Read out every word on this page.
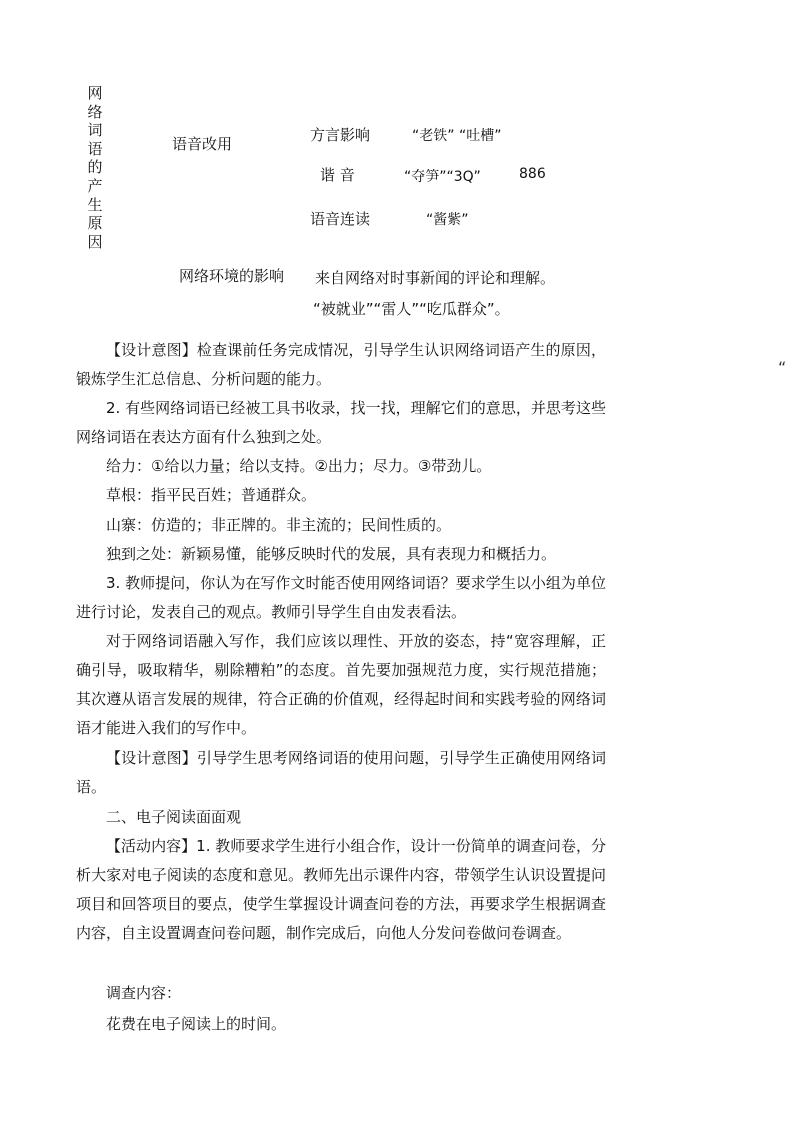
网络词语的产生原因
语音改用	方言影响	“老铁” “吐槽”
谐 音	“夺笋”“3Q”	886
语音连读	“酱紫”
网络环境的影响 来自网络对时事新闻的评论和理解。
“被就业”“雷人”“吃瓜群众”。
“

【设计意图】检查课前任务完成情况，引导学生认识网络词语产生的原因，锻炼学生汇总信息、分析问题的能力。

2. 有些网络词语已经被工具书收录，找一找，理解它们的意思，并思考这些网络词语在表达方面有什么独到之处。

给力：①给以力量；给以支持。②出力；尽力。③带劲儿。
草根：指平民百姓；普通群众。
山寨：仿造的；非正牌的。非主流的；民间性质的。
独到之处：新颖易懂，能够反映时代的发展，具有表现力和概括力。

3. 教师提问，你认为在写作文时能否使用网络词语？要求学生以小组为单位进行讨论，发表自己的观点。教师引导学生自由发表看法。

对于网络词语融入写作，我们应该以理性、开放的姿态，持“宽容理解，正确引导，吸取精华，剔除糟粕”的态度。首先要加强规范力度，实行规范措施；其次遵从语言发展的规律，符合正确的价值观，经得起时间和实践考验的网络词语才能进入我们的写作中。

【设计意图】引导学生思考网络词语的使用问题，引导学生正确使用网络词语。

二、电子阅读面面观

【活动内容】1. 教师要求学生进行小组合作，设计一份简单的调查问卷，分析大家对电子阅读的态度和意见。教师先出示课件内容，带领学生认识设置提问项目和回答项目的要点，使学生掌握设计调查问卷的方法，再要求学生根据调查内容，自主设置调查问卷问题，制作完成后，向他人分发问卷做问卷调查。

调查内容：
花费在电子阅读上的时间。
